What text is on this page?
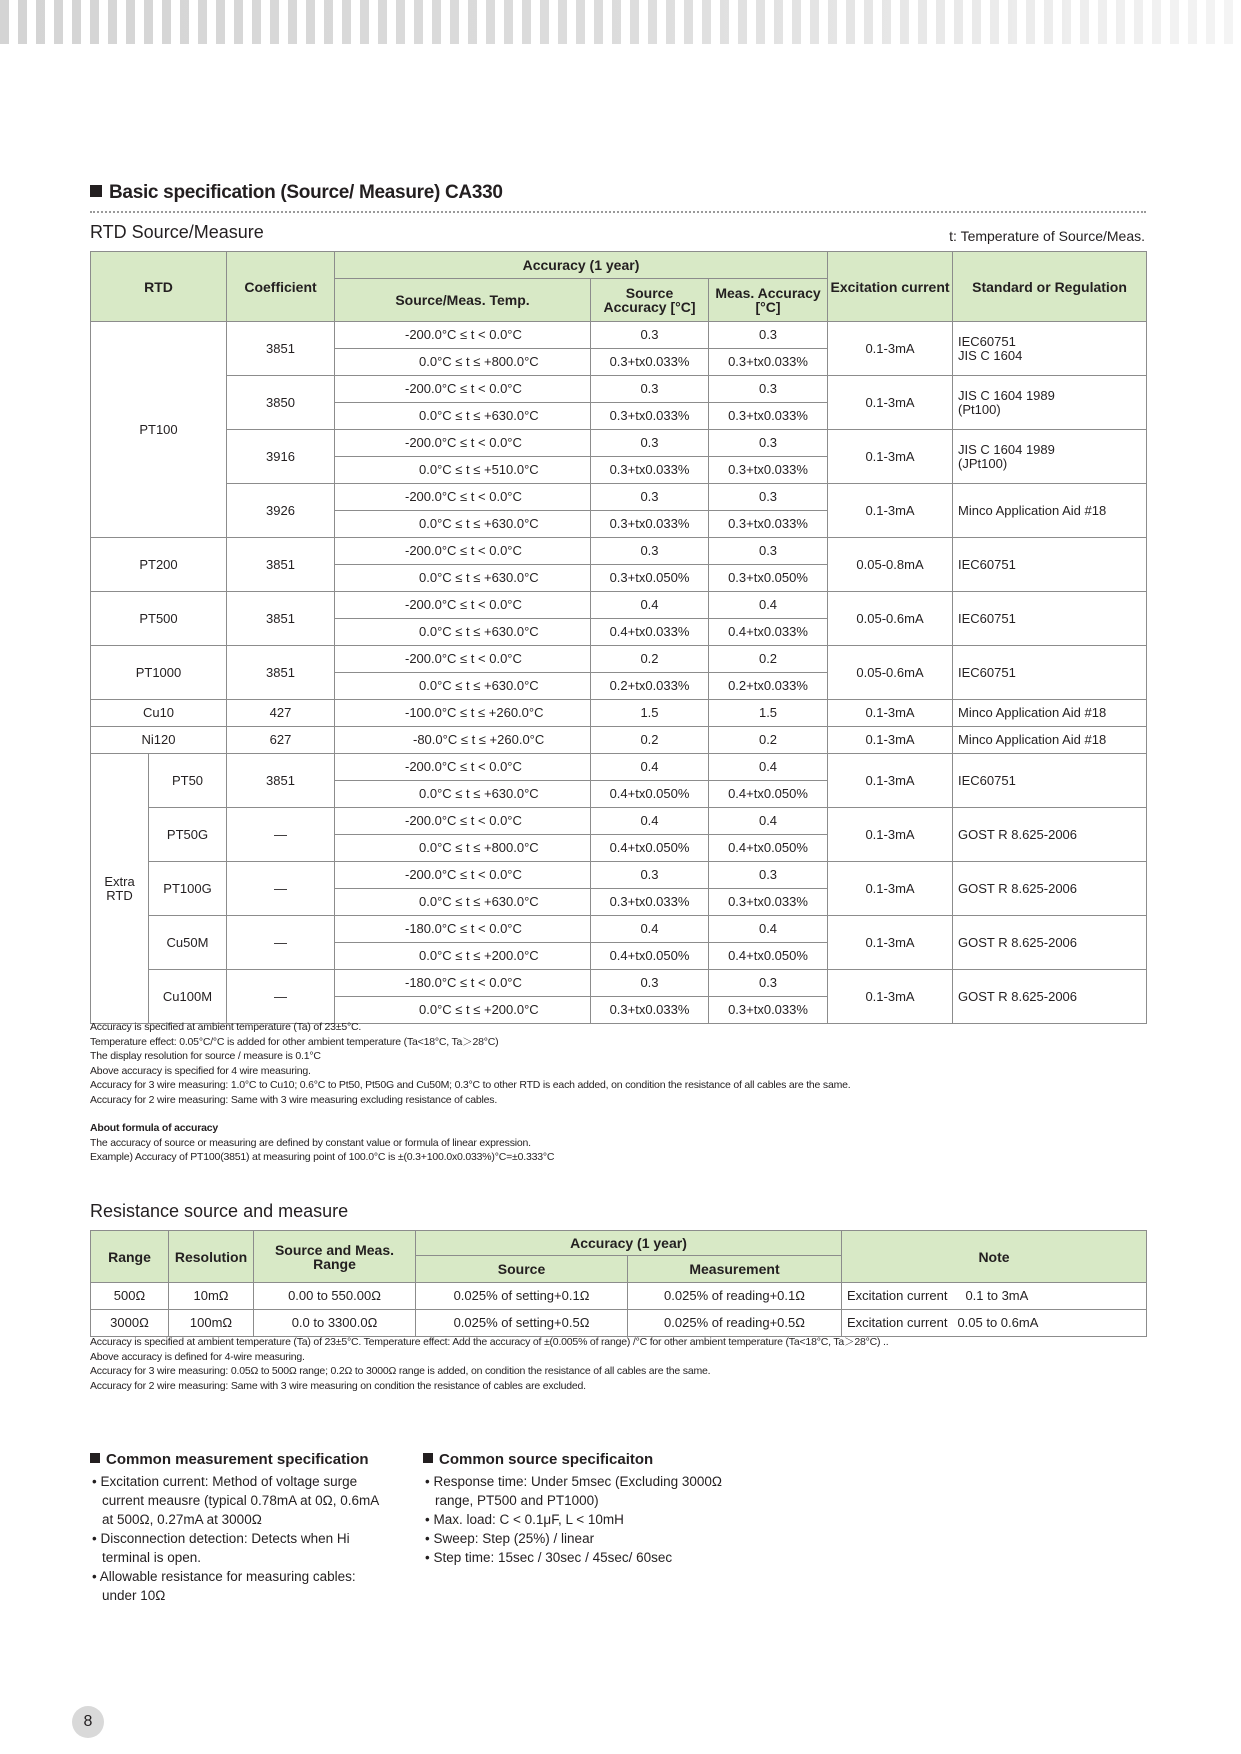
Basic specification (Source/ Measure) CA330
RTD Source/Measure	t: Temperature of Source/Meas.
RTD		Coefficient	Accuracy (1 year)			Excitation current	Standard or Regulation
			Source/Meas. Temp.	Source Accuracy [°C]	Meas. Accuracy [°C]		
PT100		3851	-200.0°C ≤ t < 0.0°C	0.3	0.3	0.1-3mA	IEC60751
JIS C 1604

			0.0°C ≤ t ≤ +800.0°C	0.3+tx0.033%	0.3+tx0.033%		
		3850	-200.0°C ≤ t < 0.0°C	0.3	0.3	0.1-3mA	JIS C 1604 1989
(Pt100)

			0.0°C ≤ t ≤ +630.0°C	0.3+tx0.033%	0.3+tx0.033%		
		3916	-200.0°C ≤ t < 0.0°C	0.3	0.3	0.1-3mA	JIS C 1604 1989
(JPt100)

			0.0°C ≤ t ≤ +510.0°C	0.3+tx0.033%	0.3+tx0.033%		
		3926	-200.0°C ≤ t < 0.0°C	0.3	0.3	0.1-3mA	Minco Application Aid #18

			0.0°C ≤ t ≤ +630.0°C	0.3+tx0.033%	0.3+tx0.033%		
PT200		3851	-200.0°C ≤ t < 0.0°C	0.3	0.3	0.05-0.8mA	IEC60751

			0.0°C ≤ t ≤ +630.0°C	0.3+tx0.050%	0.3+tx0.050%		
PT500		3851	-200.0°C ≤ t < 0.0°C	0.4	0.4	0.05-0.6mA	IEC60751

			0.0°C ≤ t ≤ +630.0°C	0.4+tx0.033%	0.4+tx0.033%		
PT1000		3851	-200.0°C ≤ t < 0.0°C	0.2	0.2	0.05-0.6mA	IEC60751

			0.0°C ≤ t ≤ +630.0°C	0.2+tx0.033%	0.2+tx0.033%		
Cu10		427	-100.0°C ≤ t ≤ +260.0°C	1.5	1.5	0.1-3mA	Minco Application Aid #18

Ni120		627	-80.0°C ≤ t ≤ +260.0°C	0.2	0.2	0.1-3mA	Minco Application Aid #18

Extra RTD	PT50	3851	-200.0°C ≤ t < 0.0°C	0.4	0.4	0.1-3mA	IEC60751

			0.0°C ≤ t ≤ +630.0°C	0.4+tx0.050%	0.4+tx0.050%		
	PT50G	—	-200.0°C ≤ t < 0.0°C	0.4	0.4	0.1-3mA	GOST R 8.625-2006

			0.0°C ≤ t ≤ +800.0°C	0.4+tx0.050%	0.4+tx0.050%		
	PT100G	—	-200.0°C ≤ t < 0.0°C	0.3	0.3	0.1-3mA	GOST R 8.625-2006

			0.0°C ≤ t ≤ +630.0°C	0.3+tx0.033%	0.3+tx0.033%		
	Cu50M	—	-180.0°C ≤ t < 0.0°C	0.4	0.4	0.1-3mA	GOST R 8.625-2006

			0.0°C ≤ t ≤ +200.0°C	0.4+tx0.050%	0.4+tx0.050%		
	Cu100M	—	-180.0°C ≤ t < 0.0°C	0.3	0.3	0.1-3mA	GOST R 8.625-2006

			0.0°C ≤ t ≤ +200.0°C	0.3+tx0.033%	0.3+tx0.033%		
Accuracy is specified at ambient temperature (Ta) of 23±5°C.
Temperature effect: 0.05°C/°C is added for other ambient temperature (Ta<18°C, Ta＞28°C)
The display resolution for source / measure is 0.1°C
Above accuracy is specified for 4 wire measuring.
Accuracy for 3 wire measuring: 1.0°C to Cu10; 0.6°C to Pt50, Pt50G and Cu50M; 0.3°C to other RTD is each added, on condition the resistance of all cables are the same.
Accuracy for 2 wire measuring: Same with 3 wire measuring excluding resistance of cables.
About formula of accuracy
The accuracy of source or measuring are defined by constant value or formula of linear expression.
Example) Accuracy of PT100(3851) at measuring point of 100.0°C is ±(0.3+100.0x0.033%)°C=±0.333°C
Resistance source and measure
Range	Resolution	Source and Meas. Range	Accuracy (1 year)		Note
			Source	Measurement	
500Ω	10mΩ	0.00 to 550.00Ω	0.025% of setting+0.1Ω	0.025% of reading+0.1Ω	Excitation current 0.1 to 3mA
3000Ω	100mΩ	0.0 to 3300.0Ω	0.025% of setting+0.5Ω	0.025% of reading+0.5Ω	Excitation current 0.05 to 0.6mA
Accuracy is specified at ambient temperature (Ta) of 23±5°C. Temperature effect: Add the accuracy of ±(0.005% of range) /°C for other ambient temperature (Ta<18°C, Ta＞28°C) ..
Above accuracy is defined for 4-wire measuring.
Accuracy for 3 wire measuring: 0.05Ω to 500Ω range; 0.2Ω to 3000Ω range is added, on condition the resistance of all cables are the same.
Accuracy for 2 wire measuring: Same with 3 wire measuring on condition the resistance of cables are excluded.
Common measurement specification
• Excitation current: Method of voltage surge current meausre (typical 0.78mA at 0Ω, 0.6mA at 500Ω, 0.27mA at 3000Ω
• Disconnection detection: Detects when Hi terminal is open.
• Allowable resistance for measuring cables: under 10Ω
Common source specificaiton
• Response time: Under 5msec (Excluding 3000Ω range, PT500 and PT1000)
• Max. load: C < 0.1μF, L < 10mH
• Sweep: Step (25%) / linear
• Step time: 15sec / 30sec / 45sec/ 60sec
8
